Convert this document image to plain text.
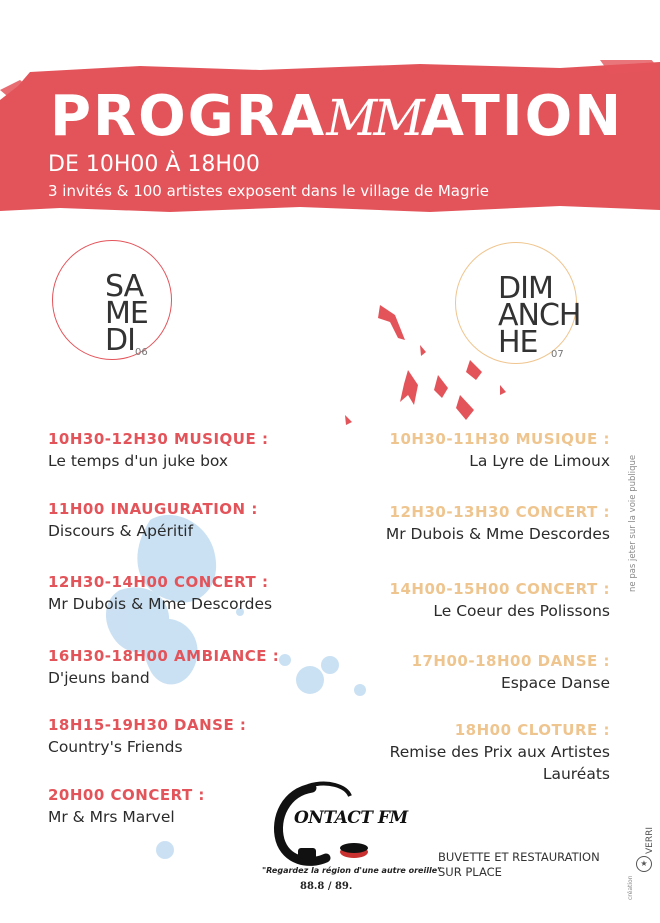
PROGRAMMATION
DE 10H00 À 18H00
3 invités & 100 artistes exposent dans le village de Magrie
SA
ME
DI 06
DIM
ANCH
HE	07
10H30-12H30 MUSIQUE :
Le temps d'un juke box
11H00 INAUGURATION :
Discours & Apéritif
12H30-14H00 CONCERT :
Mr Dubois & Mme Descordes
16H30-18H00 AMBIANCE :
D'jeuns band
18H15-19H30 DANSE :
Country's Friends
20H00 CONCERT :
Mr & Mrs Marvel
10H30-11H30 MUSIQUE :
La Lyre de Limoux
12H30-13H30 CONCERT :
Mr Dubois & Mme Descordes
14H00-15H00 CONCERT :
Le Coeur des Polissons
17H00-18H00 DANSE :
Espace Danse
18H00 CLOTURE :
Remise des Prix aux Artistes
Lauréats
ne pas jeter sur la voie publique
ONTACT FM
"Regardez la région d'une autre oreille"
88.8 / 89.
BUVETTE ET RESTAURATION
SUR PLACE
création
★
VERRI
